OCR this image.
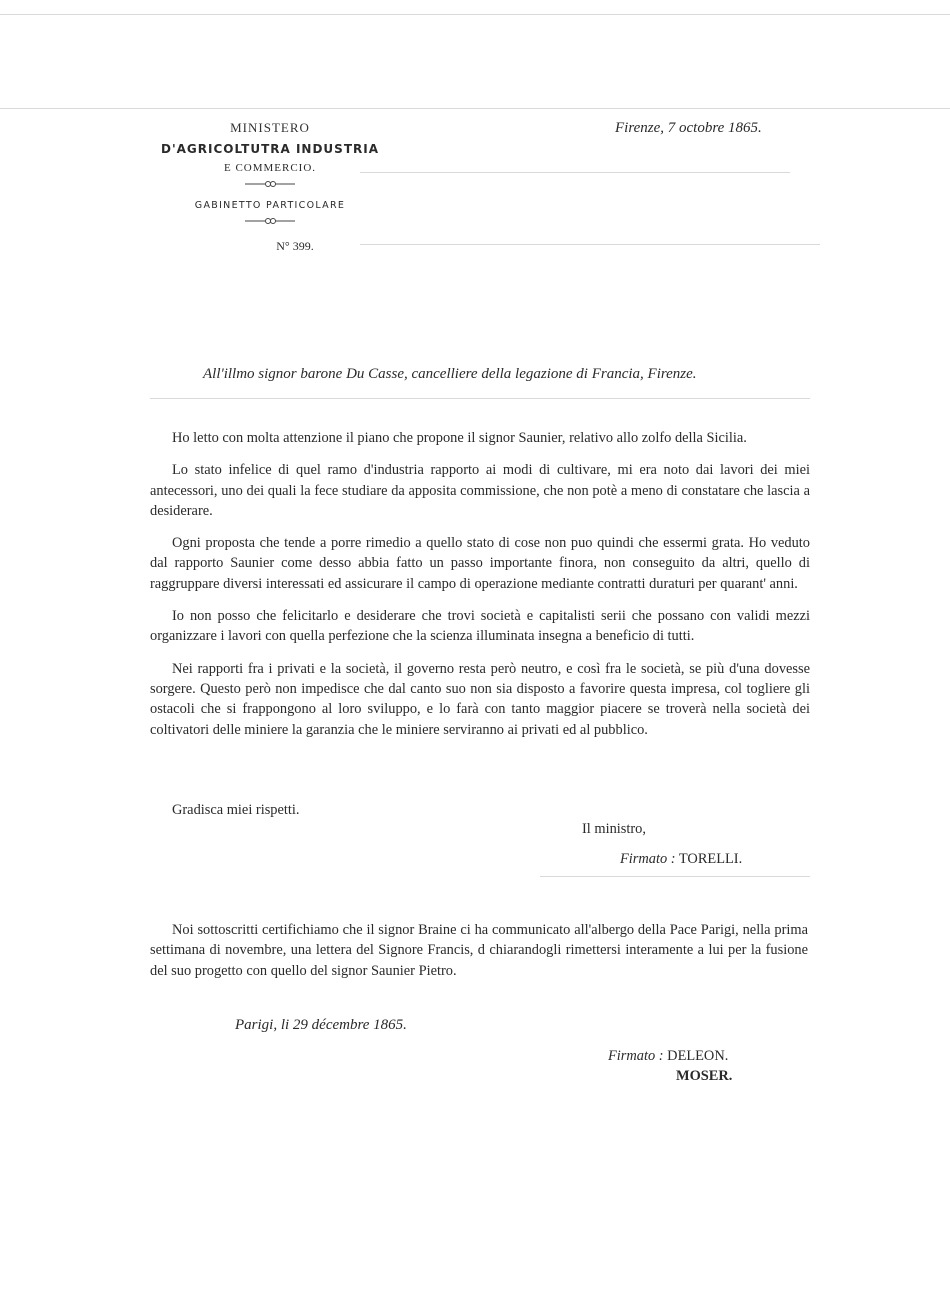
MINISTERO
D'AGRICOLTUTRA INDUSTRIA
E COMMERCIO.
GABINETTO PARTICOLARE
N° 399.
Firenze, 7 octobre 1865.
All'illmo signor barone Du Casse, cancelliere della legazione di Francia, Firenze.

Ho letto con molta attenzione il piano che propone il signor Saunier, relativo allo zolfo della Sicilia.

Lo stato infelice di quel ramo d'industria rapporto ai modi di cultivare, mi era noto dai lavori dei miei antecessori, uno dei quali la fece studiare da apposita commissione, che non potè a meno di constatare che lascia a desiderare.

Ogni proposta che tende a porre rimedio a quello stato di cose non puo quindi che essermi grata. Ho veduto dal rapporto Saunier come desso abbia fatto un passo importante finora, non conseguito da altri, quello di raggruppare diversi interessati ed assicurare il campo di operazione mediante contratti duraturi per quarant' anni.

Io non posso che felicitarlo e desiderare che trovi società e capitalisti serii che possano con validi mezzi organizzare i lavori con quella perfezione che la scienza illuminata insegna a beneficio di tutti.

Nei rapporti fra i privati e la società, il governo resta però neutro, e così fra le società, se più d'una dovesse sorgere. Questo però non impedisce che dal canto suo non sia disposto a favorire questa impresa, col togliere gli ostacoli che si frappongono al loro sviluppo, e lo farà con tanto maggior piacere se troverà nella società dei coltivatori delle miniere la garanzia che le miniere serviranno ai privati ed al pubblico.

Gradisca miei rispetti.
Il ministro,
Firmato : TORELLI.

Noi sottoscritti certifichiamo che il signor Braine ci ha communicato all'albergo della Pace Parigi, nella prima settimana di novembre, una lettera del Signore Francis, d chiarandogli rimettersi interamente a lui per la fusione del suo progetto con quello del signor Saunier Pietro.

Parigi, li 29 décembre 1865.
Firmato : DELEON.
MOSER.
